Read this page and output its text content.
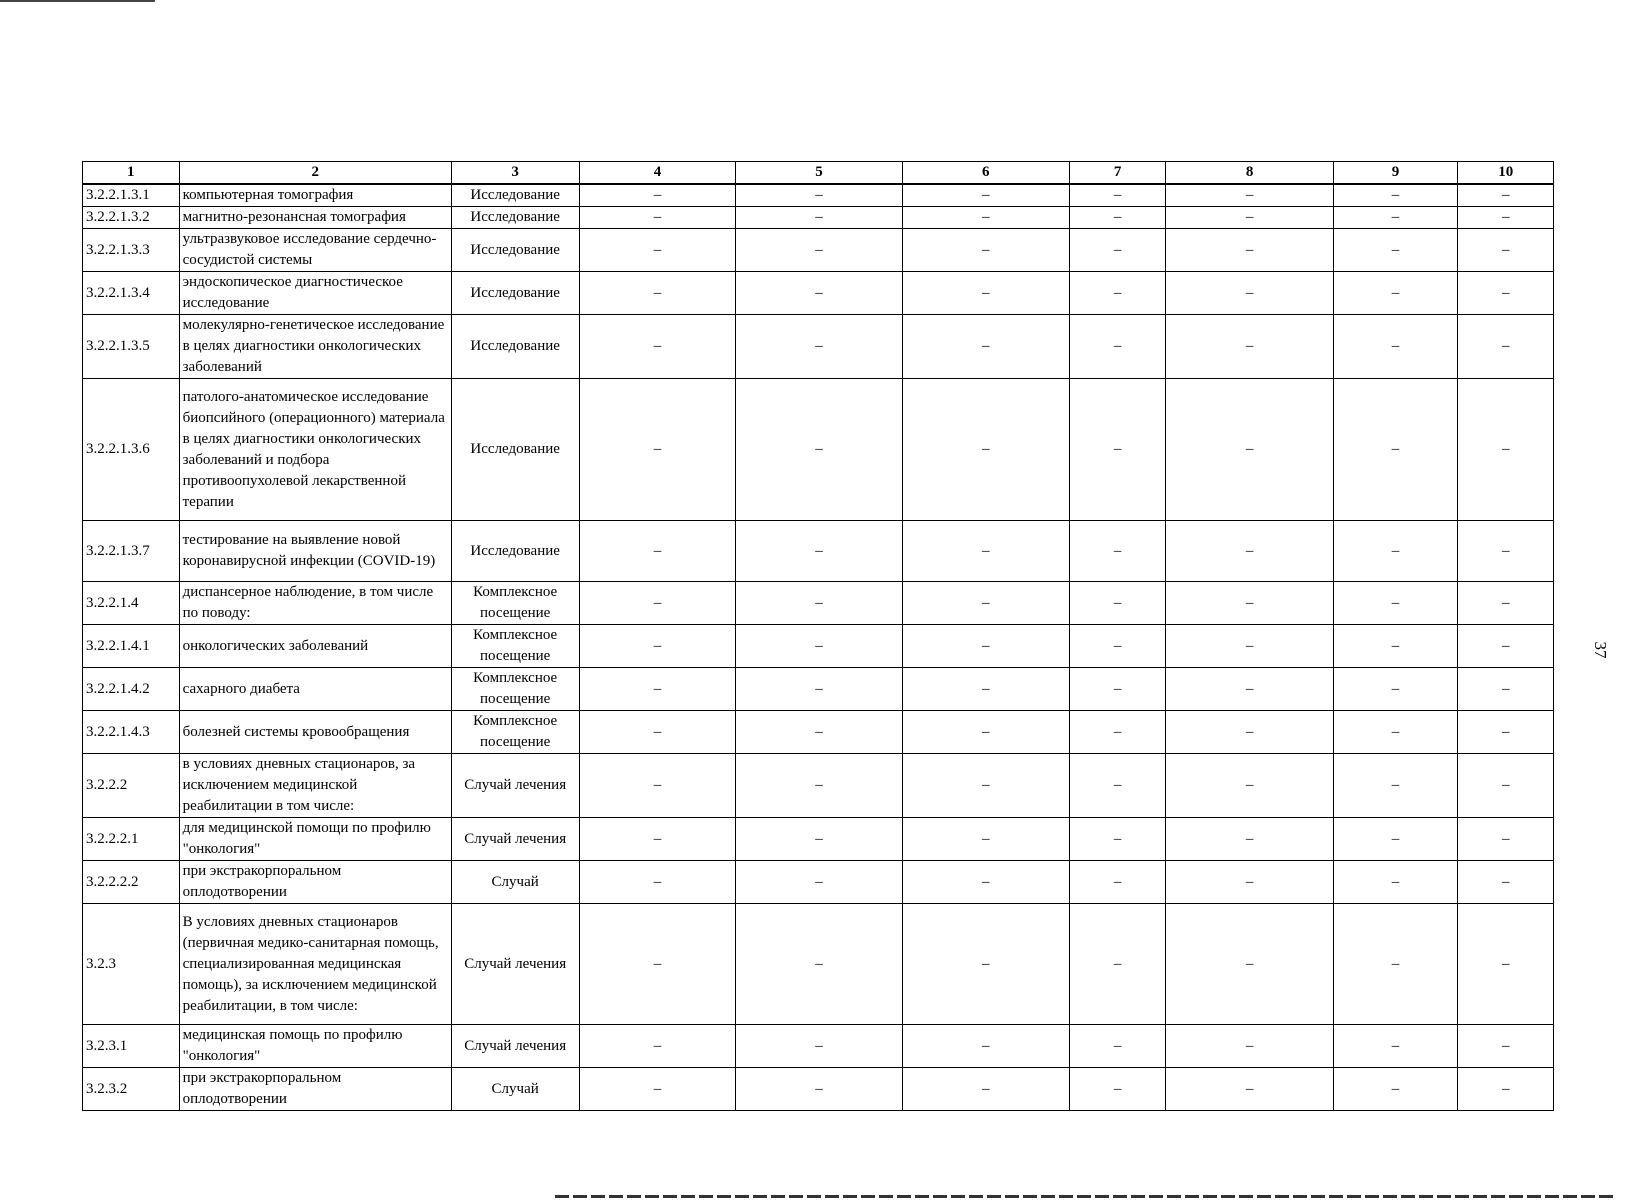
37
1	2	3	4	5	6	7	8	9	10
3.2.2.1.3.1	компьютерная томография	Исследование	–	–	–	–	–	–	–
3.2.2.1.3.2	магнитно-резонансная томография	Исследование	–	–	–	–	–	–	–
3.2.2.1.3.3	ультразвуковое исследование сердечно-сосудистой системы	Исследование	–	–	–	–	–	–	–
3.2.2.1.3.4	эндоскопическое диагностическое исследование	Исследование	–	–	–	–	–	–	–
3.2.2.1.3.5	молекулярно-генетическое исследование в целях диагностики онкологических заболеваний	Исследование	–	–	–	–	–	–	–
3.2.2.1.3.6	патолого-анатомическое исследование биопсийного (операционного) материала в целях диагностики онкологических заболеваний и подбора противоопухолевой лекарственной терапии	Исследование	–	–	–	–	–	–	–
3.2.2.1.3.7	тестирование на выявление новой коронавирусной инфекции (COVID-19)	Исследование	–	–	–	–	–	–	–
3.2.2.1.4	диспансерное наблюдение, в том числе по поводу:	Комплексное посещение	–	–	–	–	–	–	–
3.2.2.1.4.1	онкологических заболеваний	Комплексное посещение	–	–	–	–	–	–	–
3.2.2.1.4.2	сахарного диабета	Комплексное посещение	–	–	–	–	–	–	–
3.2.2.1.4.3	болезней системы кровообращения	Комплексное посещение	–	–	–	–	–	–	–
3.2.2.2	в условиях дневных стационаров, за исключением медицинской реабилитации в том числе:	Случай лечения	–	–	–	–	–	–	–
3.2.2.2.1	для медицинской помощи по профилю "онкология"	Случай лечения	–	–	–	–	–	–	–
3.2.2.2.2	при экстракорпоральном оплодотворении	Случай	–	–	–	–	–	–	–
3.2.3	В условиях дневных стационаров (первичная медико-санитарная помощь, специализированная медицинская помощь), за исключением медицинской реабилитации, в том числе:	Случай лечения	–	–	–	–	–	–	–
3.2.3.1	медицинская помощь по профилю "онкология"	Случай лечения	–	–	–	–	–	–	–
3.2.3.2	при экстракорпоральном оплодотворении	Случай	–	–	–	–	–	–	–
